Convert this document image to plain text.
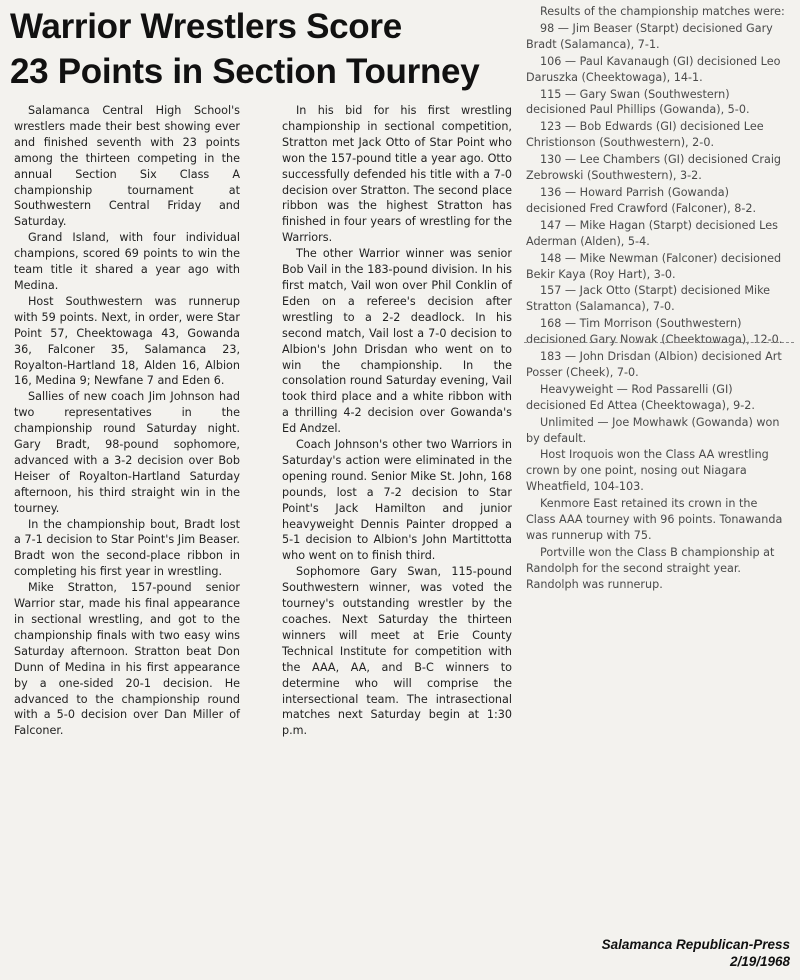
Warrior Wrestlers Score
23 Points in Section Tourney

Salamanca Central High School's wrestlers made their best showing ever and finished seventh with 23 points among the thirteen competing in the annual Section Six Class A championship tournament at Southwestern Central Friday and Saturday.

Grand Island, with four individual champions, scored 69 points to win the team title it shared a year ago with Medina.

Host Southwestern was runnerup with 59 points. Next, in order, were Star Point 57, Cheektowaga 43, Gowanda 36, Falconer 35, Salamanca 23, Royalton-Hartland 18, Alden 16, Albion 16, Medina 9; Newfane 7 and Eden 6.

Sallies of new coach Jim Johnson had two representatives in the championship round Saturday night. Gary Bradt, 98-pound sophomore, advanced with a 3-2 decision over Bob Heiser of Royalton-Hartland Saturday afternoon, his third straight win in the tourney.

In the championship bout, Bradt lost a 7-1 decision to Star Point's Jim Beaser. Bradt won the second-place ribbon in completing his first year in wrestling.

Mike Stratton, 157-pound senior Warrior star, made his final appearance in sectional wrestling, and got to the championship finals with two easy wins Saturday afternoon. Stratton beat Don Dunn of Medina in his first appearance by a one-sided 20-1 decision. He advanced to the championship round with a 5-0 decision over Dan Miller of Falconer.

In his bid for his first wrestling championship in sectional competition, Stratton met Jack Otto of Star Point who won the 157-pound title a year ago. Otto successfully defended his title with a 7-0 decision over Stratton. The second place ribbon was the highest Stratton has finished in four years of wrestling for the Warriors.

The other Warrior winner was senior Bob Vail in the 183-pound division. In his first match, Vail won over Phil Conklin of Eden on a referee's decision after wrestling to a 2-2 deadlock. In his second match, Vail lost a 7-0 decision to Albion's John Drisdan who went on to win the championship. In the consolation round Saturday evening, Vail took third place and a white ribbon with a thrilling 4-2 decision over Gowanda's Ed Andzel.

Coach Johnson's other two Warriors in Saturday's action were eliminated in the opening round. Senior Mike St. John, 168 pounds, lost a 7-2 decision to Star Point's Jack Hamilton and junior heavyweight Dennis Painter dropped a 5-1 decision to Albion's John Martittotta who went on to finish third.

Sophomore Gary Swan, 115-pound Southwestern winner, was voted the tourney's outstanding wrestler by the coaches. Next Saturday the thirteen winners will meet at Erie County Technical Institute for competition with the AAA, AA, and B-C winners to determine who will comprise the intersectional team. The intrasectional matches next Saturday begin at 1:30 p.m.

Results of the championship matches were:

98 — Jim Beaser (Starpt) decisioned Gary Bradt (Salamanca), 7-1.

106 — Paul Kavanaugh (GI) decisioned Leo Daruszka (Cheektowaga), 14-1.

115 — Gary Swan (Southwestern) decisioned Paul Phillips (Gowanda), 5-0.

123 — Bob Edwards (GI) decisioned Lee Christionson (Southwestern), 2-0.

130 — Lee Chambers (GI) decisioned Craig Zebrowski (Southwestern), 3-2.

136 — Howard Parrish (Gowanda) decisioned Fred Crawford (Falconer), 8-2.

147 — Mike Hagan (Starpt) decisioned Les Aderman (Alden), 5-4.

148 — Mike Newman (Falconer) decisioned Bekir Kaya (Roy Hart), 3-0.

157 — Jack Otto (Starpt) decisioned Mike Stratton (Salamanca), 7-0.

168 — Tim Morrison (Southwestern) decisioned Gary Nowak (Cheektowaga), 12-0.

183 — John Drisdan (Albion) decisioned Art Posser (Cheek), 7-0.

Heavyweight — Rod Passarelli (GI) decisioned Ed Attea (Cheektowaga), 9-2.

Unlimited — Joe Mowhawk (Gowanda) won by default.

Host Iroquois won the Class AA wrestling crown by one point, nosing out Niagara Wheatfield, 104-103.

Kenmore East retained its crown in the Class AAA tourney with 96 points. Tonawanda was runnerup with 75.

Portville won the Class B championship at Randolph for the second straight year. Randolph was runnerup.

Salamanca Republican-Press
2/19/1968
